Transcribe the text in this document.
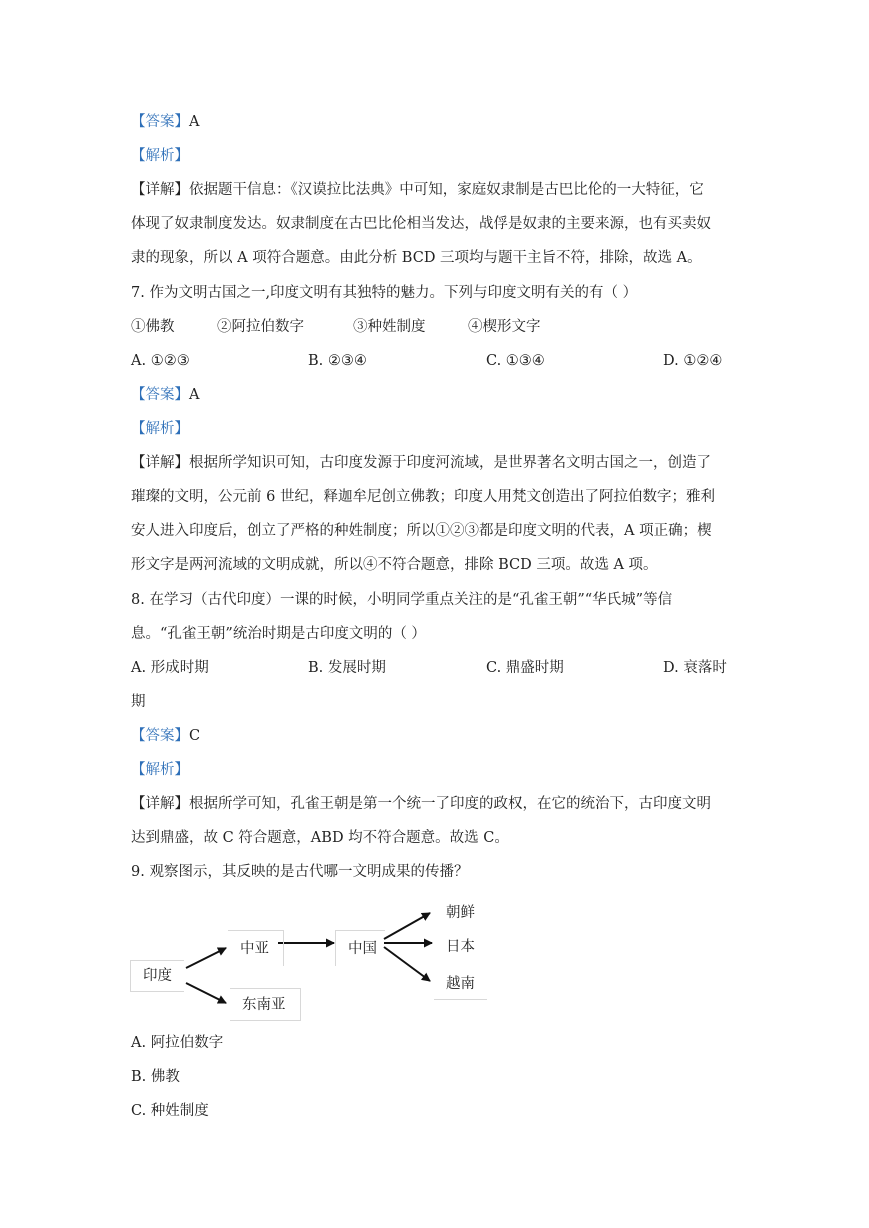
【答案】A
【解析】
【详解】依据题干信息：《汉谟拉比法典》中可知，家庭奴隶制是古巴比伦的一大特征，它
体现了奴隶制度发达。奴隶制度在古巴比伦相当发达，战俘是奴隶的主要来源，也有买卖奴
隶的现象，所以 A 项符合题意。由此分析 BCD 三项均与题干主旨不符，排除，故选 A。
7. 作为文明古国之一,印度文明有其独特的魅力。下列与印度文明有关的有（ ）
①佛教	②阿拉伯数字	③种姓制度	④楔形文字
A. ①②③	B. ②③④	C. ①③④	D. ①②④
【答案】A
【解析】
【详解】根据所学知识可知，古印度发源于印度河流域，是世界著名文明古国之一，创造了
璀璨的文明，公元前 6 世纪，释迦牟尼创立佛教；印度人用梵文创造出了阿拉伯数字；雅利
安人进入印度后，创立了严格的种姓制度；所以①②③都是印度文明的代表，A 项正确；楔
形文字是两河流域的文明成就，所以④不符合题意，排除 BCD 三项。故选 A 项。
8. 在学习（古代印度）一课的时候，小明同学重点关注的是“孔雀王朝”“华氏城”等信
息。“孔雀王朝”统治时期是古印度文明的（ ）
A. 形成时期	B. 发展时期	C. 鼎盛时期	D. 衰落时
期
【答案】C
【解析】
【详解】根据所学可知，孔雀王朝是第一个统一了印度的政权，在它的统治下，古印度文明
达到鼎盛，故 C 符合题意，ABD 均不符合题意。故选 C。
9. 观察图示，其反映的是古代哪一文明成果的传播？
印度
中亚
东南亚
中国
朝鲜
日本
越南
A. 阿拉伯数字
B. 佛教
C. 种姓制度
